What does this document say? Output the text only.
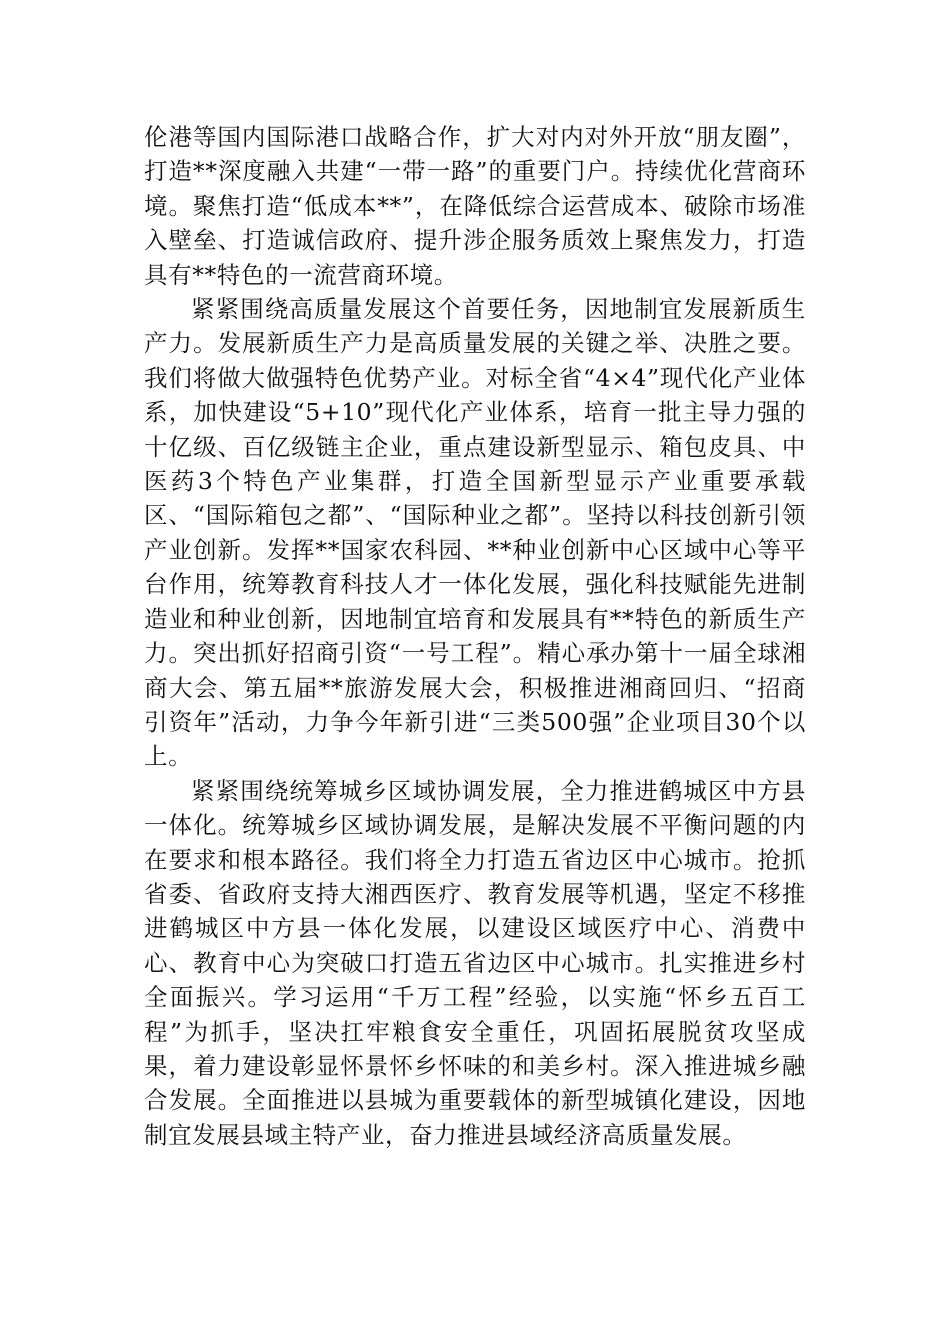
伦港等国内国际港口战略合作，扩大对内对外开放“朋友圈”，打造**深度融入共建“一带一路”的重要门户。持续优化营商环境。聚焦打造“低成本**”，在降低综合运营成本、破除市场准入壁垒、打造诚信政府、提升涉企服务质效上聚焦发力，打造具有**特色的一流营商环境。

紧紧围绕高质量发展这个首要任务，因地制宜发展新质生产力。发展新质生产力是高质量发展的关键之举、决胜之要。我们将做大做强特色优势产业。对标全省“4×4”现代化产业体系，加快建设“5+10”现代化产业体系，培育一批主导力强的十亿级、百亿级链主企业，重点建设新型显示、箱包皮具、中医药3个特色产业集群，打造全国新型显示产业重要承载区、“国际箱包之都”、“国际种业之都”。坚持以科技创新引领产业创新。发挥**国家农科园、**种业创新中心区域中心等平台作用，统筹教育科技人才一体化发展，强化科技赋能先进制造业和种业创新，因地制宜培育和发展具有**特色的新质生产力。突出抓好招商引资“一号工程”。精心承办第十一届全球湘商大会、第五届**旅游发展大会，积极推进湘商回归、“招商引资年”活动，力争今年新引进“三类500强”企业项目30个以上。

紧紧围绕统筹城乡区域协调发展，全力推进鹤城区中方县一体化。统筹城乡区域协调发展，是解决发展不平衡问题的内在要求和根本路径。我们将全力打造五省边区中心城市。抢抓省委、省政府支持大湘西医疗、教育发展等机遇，坚定不移推进鹤城区中方县一体化发展，以建设区域医疗中心、消费中心、教育中心为突破口打造五省边区中心城市。扎实推进乡村全面振兴。学习运用“千万工程”经验，以实施“怀乡五百工程”为抓手，坚决扛牢粮食安全重任，巩固拓展脱贫攻坚成果，着力建设彰显怀景怀乡怀味的和美乡村。深入推进城乡融合发展。全面推进以县城为重要载体的新型城镇化建设，因地制宜发展县域主特产业，奋力推进县域经济高质量发展。
